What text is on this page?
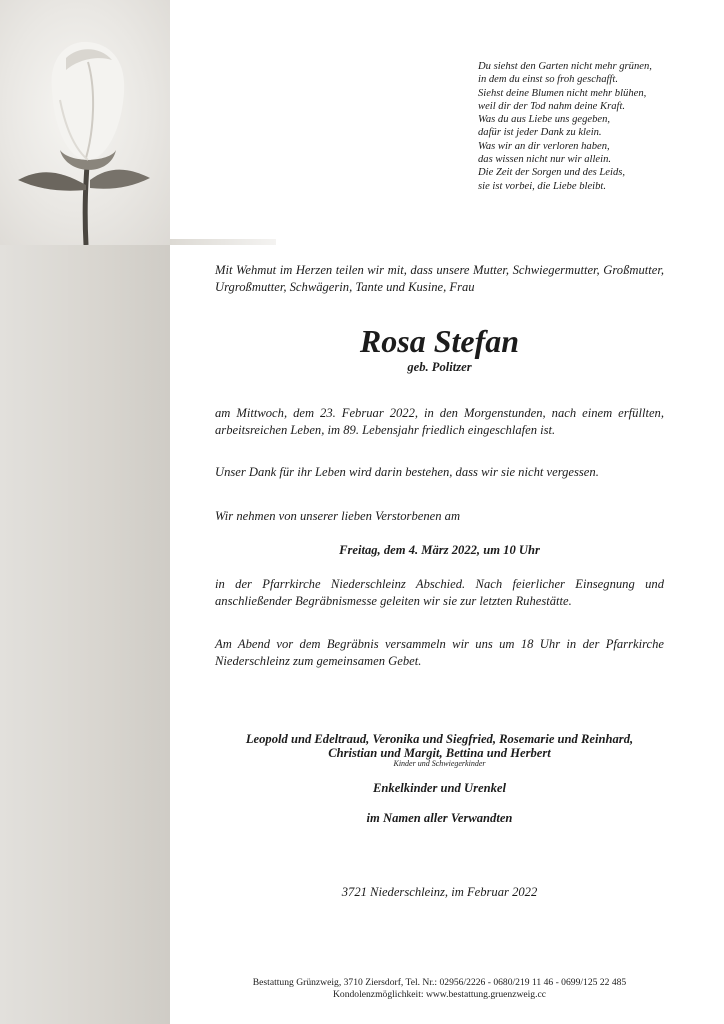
Du siehst den Garten nicht mehr grünen,
in dem du einst so froh geschafft.
Siehst deine Blumen nicht mehr blühen,
weil dir der Tod nahm deine Kraft.
Was du aus Liebe uns gegeben,
dafür ist jeder Dank zu klein.
Was wir an dir verloren haben,
das wissen nicht nur wir allein.
Die Zeit der Sorgen und des Leids,
sie ist vorbei, die Liebe bleibt.
Mit Wehmut im Herzen teilen wir mit, dass unsere Mutter, Schwiegermutter, Großmutter, Urgroßmutter, Schwägerin, Tante und Kusine, Frau
Rosa Stefan
geb. Politzer
am Mittwoch, dem 23. Februar 2022, in den Morgenstunden, nach einem erfüllten, arbeitsreichen Leben, im 89. Lebensjahr friedlich eingeschlafen ist.
Unser Dank für ihr Leben wird darin bestehen, dass wir sie nicht vergessen.
Wir nehmen von unserer lieben Verstorbenen am
Freitag, dem 4. März 2022, um 10 Uhr
in der Pfarrkirche Niederschleinz Abschied. Nach feierlicher Einsegnung und anschließender Begräbnismesse geleiten wir sie zur letzten Ruhestätte.
Am Abend vor dem Begräbnis versammeln wir uns um 18 Uhr in der Pfarrkirche Niederschleinz zum gemeinsamen Gebet.
Leopold und Edeltraud, Veronika und Siegfried, Rosemarie und Reinhard,
Christian und Margit, Bettina und Herbert
Kinder und Schwiegerkinder
Enkelkinder und Urenkel
im Namen aller Verwandten
3721 Niederschleinz, im Februar 2022
Bestattung Grünzweig, 3710 Ziersdorf, Tel. Nr.: 02956/2226 - 0680/219 11 46 - 0699/125 22 485
Kondolenzmöglichkeit: www.bestattung.gruenzweig.cc
